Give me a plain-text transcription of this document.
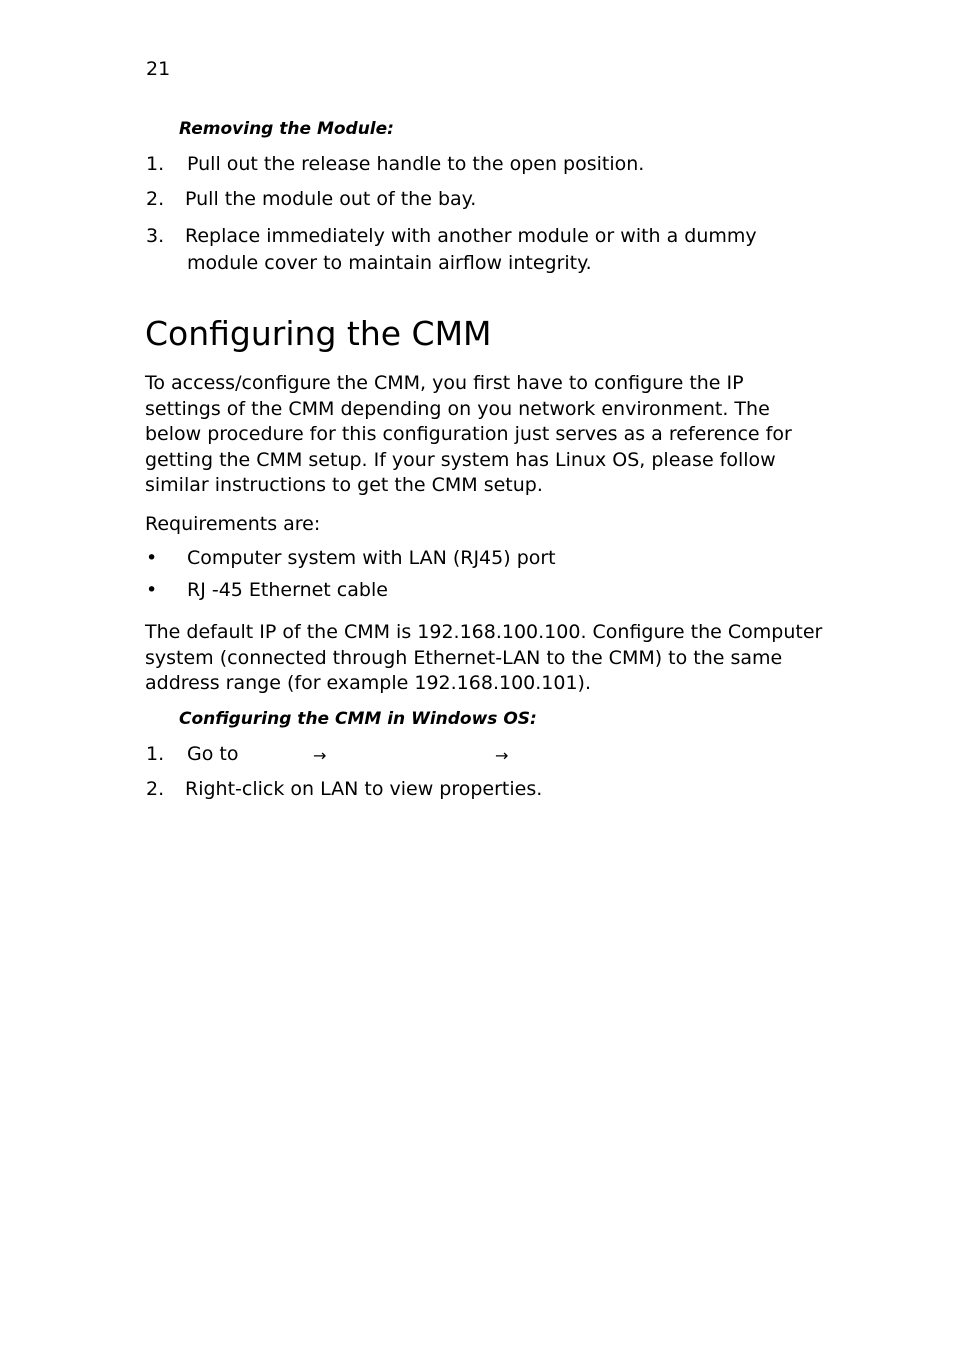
21
Removing the Module:
1. Pull out the release handle to the open position.
2. Pull the module out of the bay.
3. Replace immediately with another module or with a dummy
module cover to maintain airflow integrity.
Configuring the CMM

To access/configure the CMM, you first have to configure the IP

settings of the CMM depending on you network environment. The

below procedure for this configuration just serves as a reference for

getting the CMM setup. If your system has Linux OS, please follow

similar instructions to get the CMM setup.

Requirements are:
• Computer system with LAN (RJ45) port
• RJ -45 Ethernet cable

The default IP of the CMM is 192.168.100.100. Configure the Computer

system (connected through Ethernet-LAN to the CMM) to the same

address range (for example 192.168.100.101).

Configuring the CMM in Windows OS:
1. Go to	→	→
2. Right-click on LAN to view properties.
